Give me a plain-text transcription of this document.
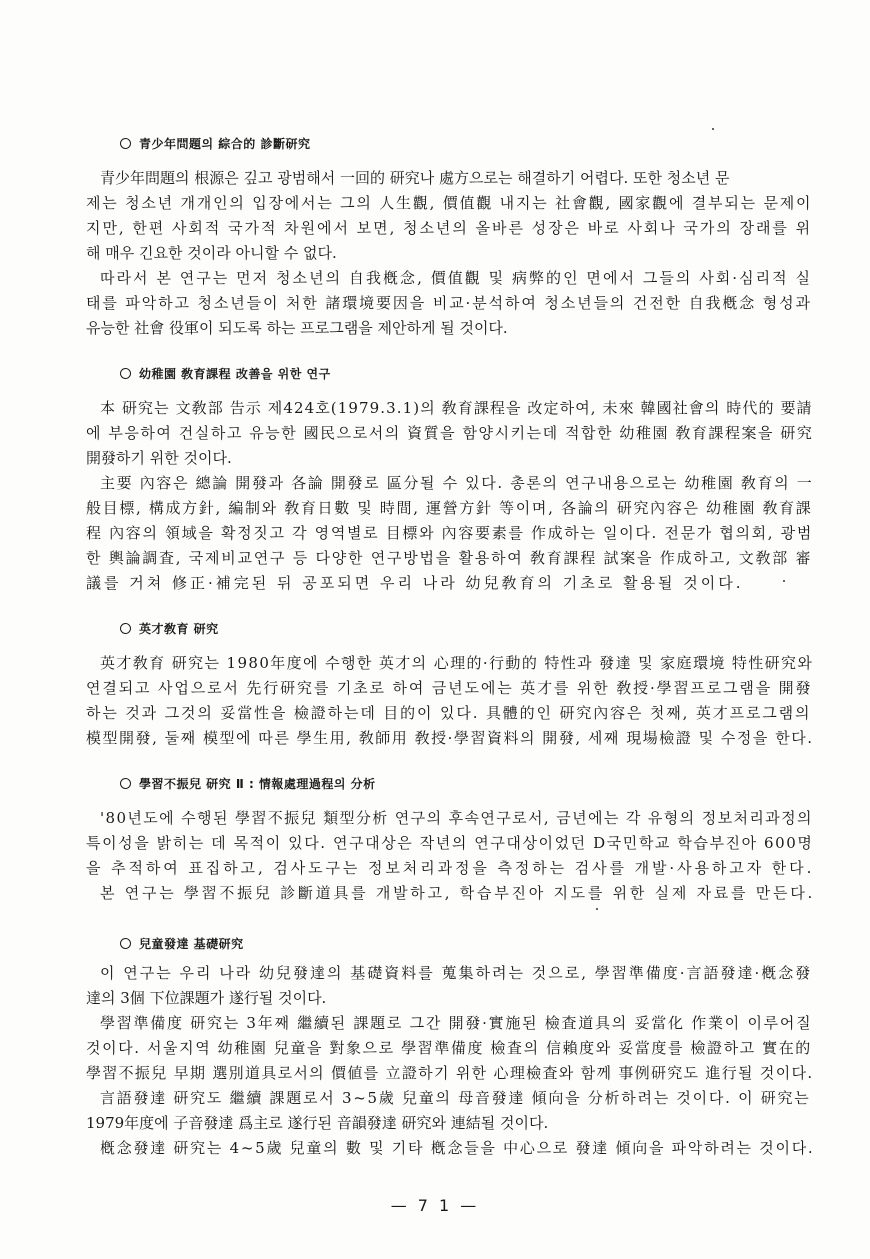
青少年問題의 綜合的 診斷研究
青少年問題의 根源은 깊고 광범해서 一回的 研究나 處方으로는 해결하기 어렵다. 또한 청소년 문
제는 청소년 개개인의 입장에서는 그의 人生觀, 價值觀 내지는 社會觀, 國家觀에 결부되는 문제이
지만, 한편 사회적 국가적 차원에서 보면, 청소년의 올바른 성장은 바로 사회나 국가의 장래를 위
해 매우 긴요한 것이라 아니할 수 없다.
따라서 본 연구는 먼저 청소년의 自我槪念, 價值觀 및 病弊的인 면에서 그들의 사회·심리적 실
태를 파악하고 청소년들이 처한 諸環境要因을 비교·분석하여 청소년들의 건전한 自我槪念 형성과
유능한 社會 役軍이 되도록 하는 프로그램을 제안하게 될 것이다.
幼稚園 敎育課程 改善을 위한 연구
本 研究는 文敎部 告示 제424호(1979.3.1)의 敎育課程을 改定하여, 未來 韓國社會의 時代的 要請
에 부응하여 건실하고 유능한 國民으로서의 資質을 함양시키는데 적합한 幼稚園 敎育課程案을 研究
開發하기 위한 것이다.
主要 內容은 總論 開發과 各論 開發로 區分될 수 있다. 총론의 연구내용으로는 幼稚園 敎育의 一
般目標, 構成方針, 編制와 敎育日數 및 時間, 運營方針 等이며, 各論의 研究內容은 幼稚園 敎育課
程 內容의 領域을 확정짓고 각 영역별로 目標와 內容要素를 作成하는 일이다. 전문가 협의회, 광범
한 輿論調査, 국제비교연구 등 다양한 연구방법을 활용하여 敎育課程 試案을 作成하고, 文敎部 審
議를 거쳐 修正·補完된 뒤 공포되면 우리 나라 幼兒敎育의 기초로 활용될 것이다.
英才敎育 研究
英才敎育 研究는 1980年度에 수행한 英才의 心理的·行動的 特性과 發達 및 家庭環境 特性研究와
연결되고 사업으로서 先行研究를 기초로 하여 금년도에는 英才를 위한 敎授·學習프로그램을 開發
하는 것과 그것의 妥當性을 檢證하는데 目的이 있다. 具體的인 研究內容은 첫째, 英才프로그램의
模型開發, 둘째 模型에 따른 學生用, 敎師用 敎授·學習資料의 開發, 세째 現場檢證 및 수정을 한다.
學習不振兒 研究 Ⅱ : 情報處理過程의 分析
'80년도에 수행된 學習不振兒 類型分析 연구의 후속연구로서, 금년에는 각 유형의 정보처리과정의
특이성을 밝히는 데 목적이 있다. 연구대상은 작년의 연구대상이었던 D국민학교 학습부진아 600명
을 추적하여 표집하고, 검사도구는 정보처리과정을 측정하는 검사를 개발·사용하고자 한다.
본 연구는 學習不振兒 診斷道具를 개발하고, 학습부진아 지도를 위한 실제 자료를 만든다.
兒童發達 基礎研究
이 연구는 우리 나라 幼兒發達의 基礎資料를 蒐集하려는 것으로, 學習準備度·言語發達·槪念發
達의 3個 下位課題가 遂行될 것이다.
學習準備度 研究는 3年째 繼續된 課題로 그간 開發·實施된 檢査道具의 妥當化 作業이 이루어질
것이다. 서울지역 幼稚園 兒童을 對象으로 學習準備度 檢査의 信賴度와 妥當度를 檢證하고 實在的
學習不振兒 早期 選別道具로서의 價値를 立證하기 위한 心理檢査와 함께 事例研究도 進行될 것이다.
言語發達 研究도 繼續 課題로서 3~5歲 兒童의 母音發達 傾向을 分析하려는 것이다. 이 研究는
1979年度에 子音發達 爲主로 遂行된 音韻發達 研究와 連結될 것이다.
槪念發達 研究는 4~5歲 兒童의 數 및 기타 槪念들을 中心으로 發達 傾向을 파악하려는 것이다.
— 7 1 —
